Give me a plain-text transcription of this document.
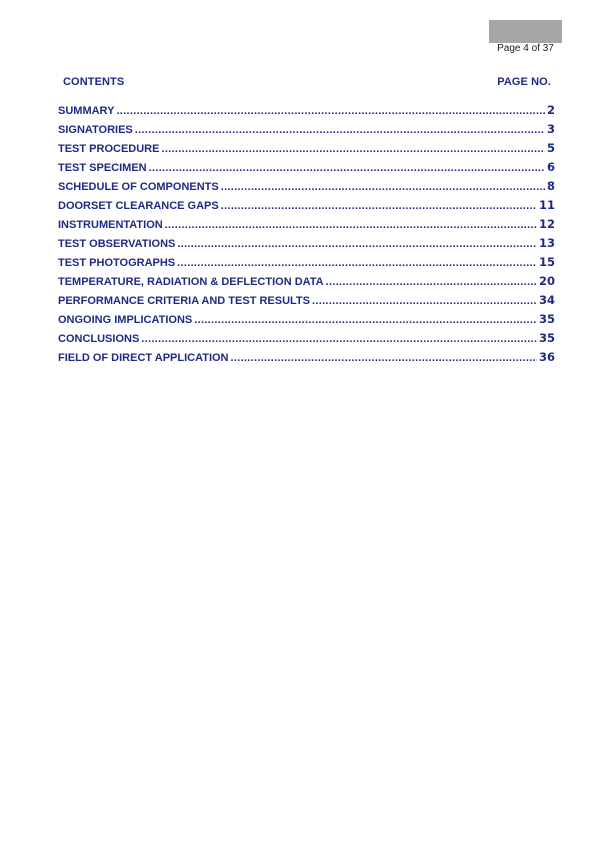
Page 4 of 37
CONTENTS	PAGE NO.
SUMMARY .....	2
SIGNATORIES .....	3
TEST PROCEDURE .....	5
TEST SPECIMEN .....	6
SCHEDULE OF COMPONENTS .....	8
DOORSET CLEARANCE GAPS .....	11
INSTRUMENTATION .....	12
TEST OBSERVATIONS .....	13
TEST PHOTOGRAPHS .....	15
TEMPERATURE, RADIATION & DEFLECTION DATA .....	20
PERFORMANCE CRITERIA AND TEST RESULTS .....	34
ONGOING IMPLICATIONS .....	35
CONCLUSIONS .....	35
FIELD OF DIRECT APPLICATION .....	36
